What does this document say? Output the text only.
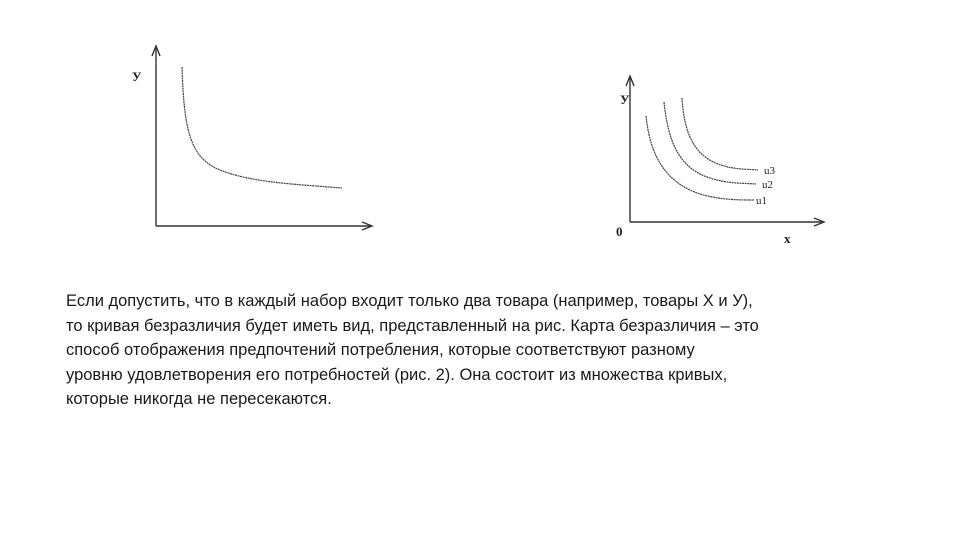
У
У
0	x
u3
u2
u1

Если допустить, что в каждый набор входит только два товара (например, товары Х и У),
то кривая безразличия будет иметь вид, представленный на рис. Карта безразличия – это
способ отображения предпочтений потребления, которые соответствуют разному
уровню удовлетворения его потребностей (рис. 2). Она состоит из множества кривых,
которые никогда не пересекаются.
